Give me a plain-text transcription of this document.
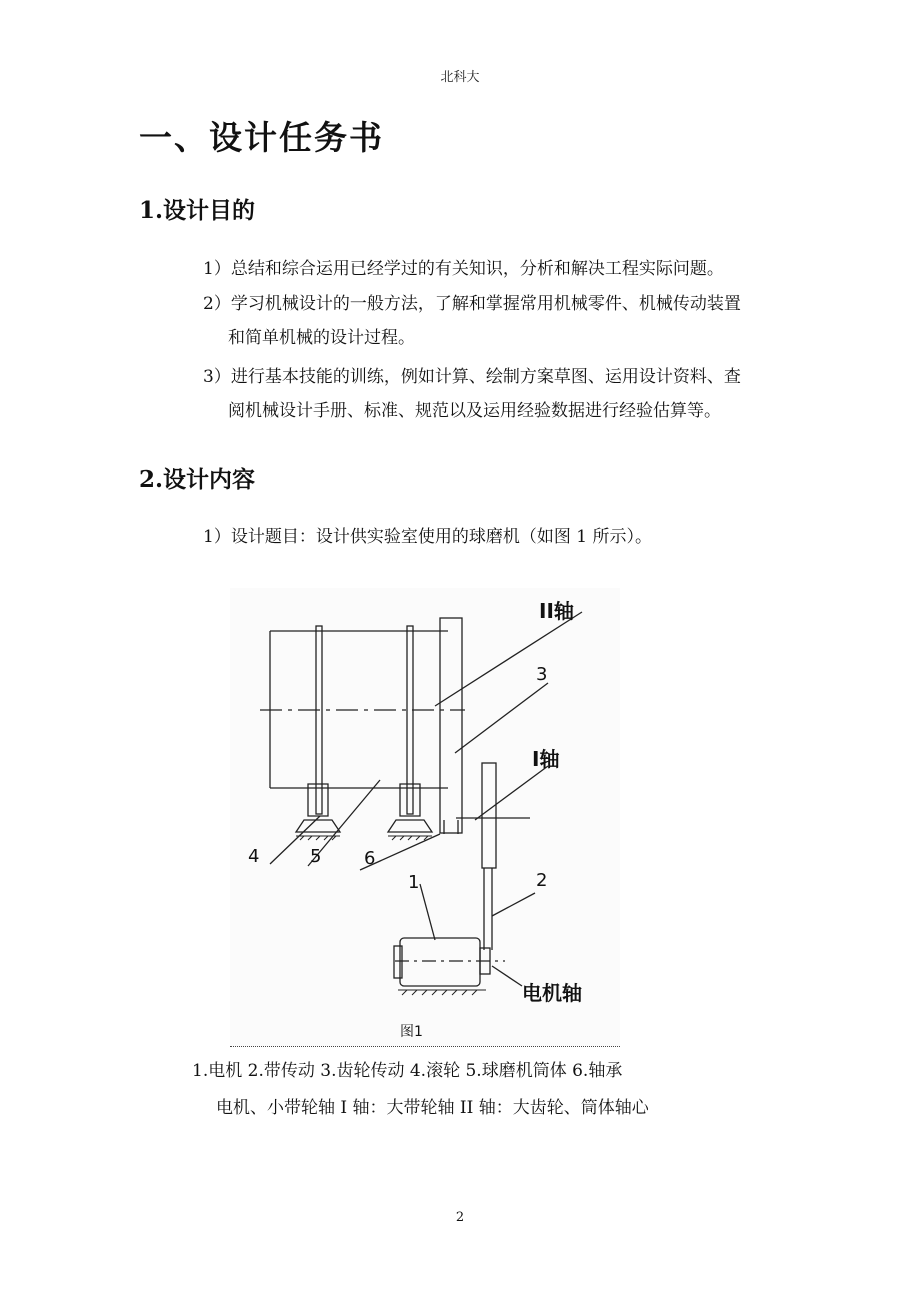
北科大
一、设计任务书
1.设计目的
1）总结和综合运用已经学过的有关知识，分析和解决工程实际问题。
2）学习机械设计的一般方法，了解和掌握常用机械零件、机械传动装置
和简单机械的设计过程。
3）进行基本技能的训练，例如计算、绘制方案草图、运用设计资料、查
阅机械设计手册、标准、规范以及运用经验数据进行经验估算等。
2.设计内容
1）设计题目：设计供实验室使用的球磨机（如图 1 所示）。
II轴
I轴
电机轴
3
4	5 6
1	2
图1
1.电机 2.带传动 3.齿轮传动 4.滚轮 5.球磨机筒体 6.轴承
电机、小带轮轴 I 轴：大带轮轴 II 轴：大齿轮、筒体轴心
2
